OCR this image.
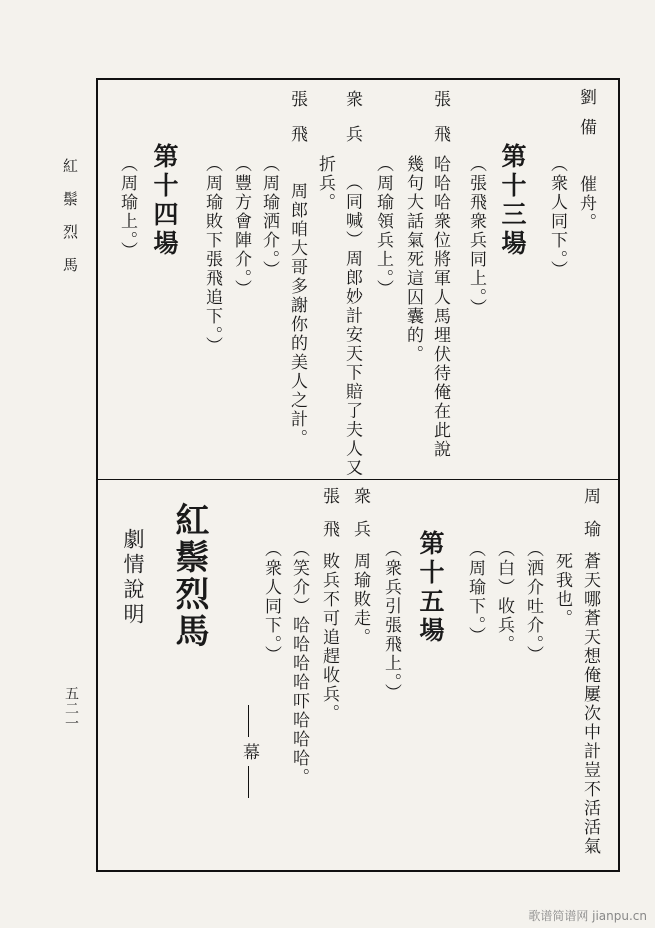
紅鬃烈馬
五二一
劉
備　　催舟。
（衆人同下。）
第十三場
（張飛衆兵同上。）
張
飛
哈哈哈衆位將軍人馬埋伏待俺在此說
幾句大話氣死這囚囊的。
（周瑜領兵上。）
衆
兵　　（同喊）周郎妙計安天下賠了夫人又
折兵。
張
飛　　周郎咱大哥多謝你的美人之計。
（周瑜洒介。）
（豐方會陣介。）
（周瑜敗下張飛追下。）
第十四場
（周瑜上。）
周
瑜
蒼天哪蒼天想俺屢次中計豈不活活氣
死我也。
（洒介吐介。）
（白）收兵。
（周瑜下。）
第十五場
（衆兵引張飛上。）
衆
兵
周瑜敗走。
張
飛
敗兵不可追趕收兵。
（笑介）哈哈哈哈吓哈哈哈。
（衆人同下。）
幕
紅鬃烈馬
劇情說明
歌谱简谱网 jianpu.cn
